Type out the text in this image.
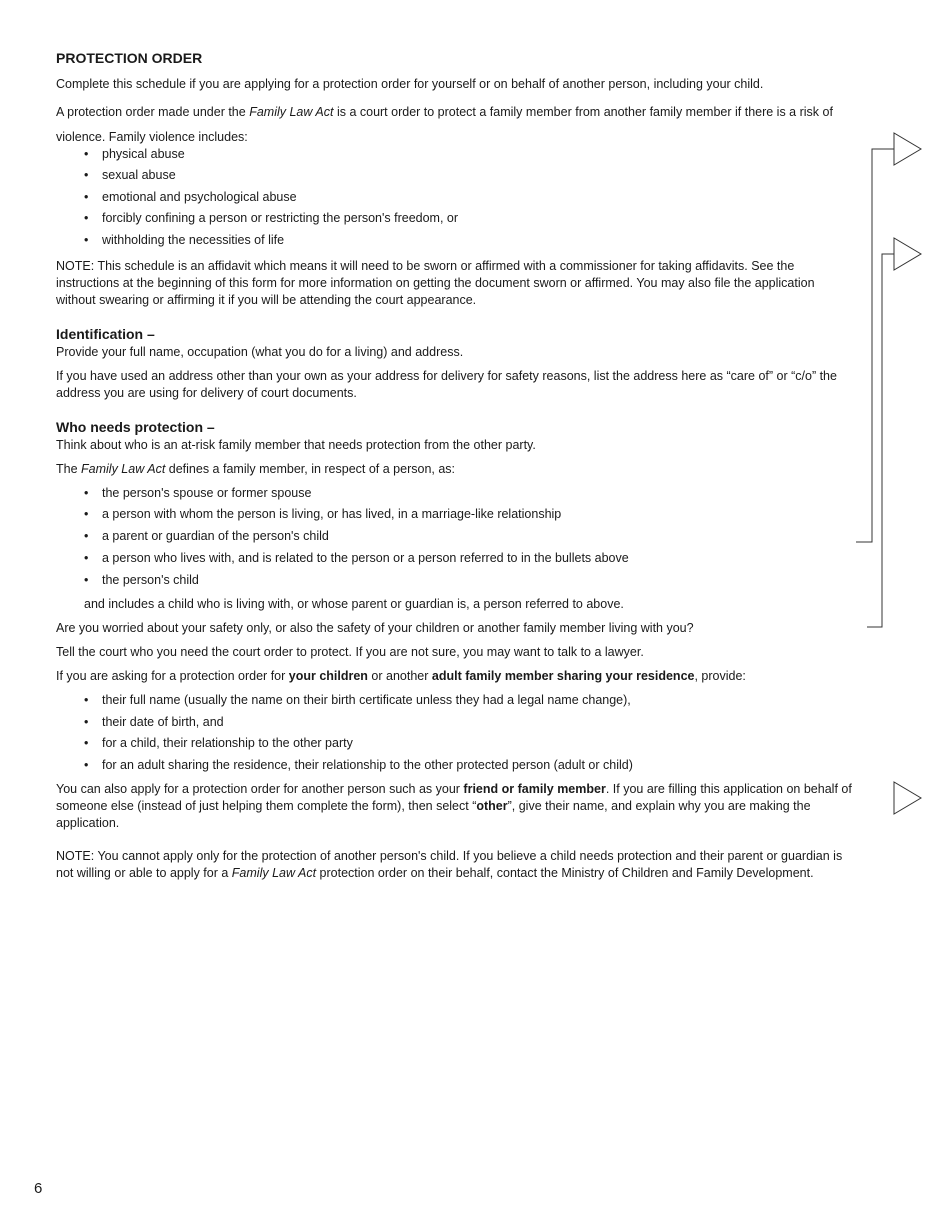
PROTECTION ORDER

Complete this schedule if you are applying for a protection order for yourself or on behalf of another person, including your child.

A protection order made under the Family Law Act is a court order to protect a family member from another family member if there is a risk of
violence. Family violence includes:

• physical abuse
• sexual abuse
• emotional and psychological abuse
• forcibly confining a person or restricting the person's freedom, or
• withholding the necessities of life

NOTE: This schedule is an affidavit which means it will need to be sworn or affirmed with a commissioner for taking affidavits. See the instructions at the beginning of this form for more information on getting the document sworn or affirmed. You may also file the application without swearing or affirming it if you will be attending the court appearance.

Identification –

Provide your full name, occupation (what you do for a living) and address.

If you have used an address other than your own as your address for delivery for safety reasons, list the address here as “care of” or “c/o” the address you are using for delivery of court documents.

Who needs protection –

Think about who is an at-risk family member that needs protection from the other party.

The Family Law Act defines a family member, in respect of a person, as:

• the person's spouse or former spouse
• a person with whom the person is living, or has lived, in a marriage-like relationship
• a parent or guardian of the person's child
• a person who lives with, and is related to the person or a person referred to in the bullets above
• the person's child

and includes a child who is living with, or whose parent or guardian is, a person referred to above.

Are you worried about your safety only, or also the safety of your children or another family member living with you?

Tell the court who you need the court order to protect. If you are not sure, you may want to talk to a lawyer.

If you are asking for a protection order for your children or another adult family member sharing your residence, provide:

• their full name (usually the name on their birth certificate unless they had a legal name change),
• their date of birth, and
• for a child, their relationship to the other party
• for an adult sharing the residence, their relationship to the other protected person (adult or child)

You can also apply for a protection order for another person such as your friend or family member. If you are filling this application on behalf of someone else (instead of just helping them complete the form), then select “other”, give their name, and explain why you are making the application.

NOTE: You cannot apply only for the protection of another person's child. If you believe a child needs protection and their parent or guardian is not willing or able to apply for a Family Law Act protection order on their behalf, contact the Ministry of Children and Family Development.

6
